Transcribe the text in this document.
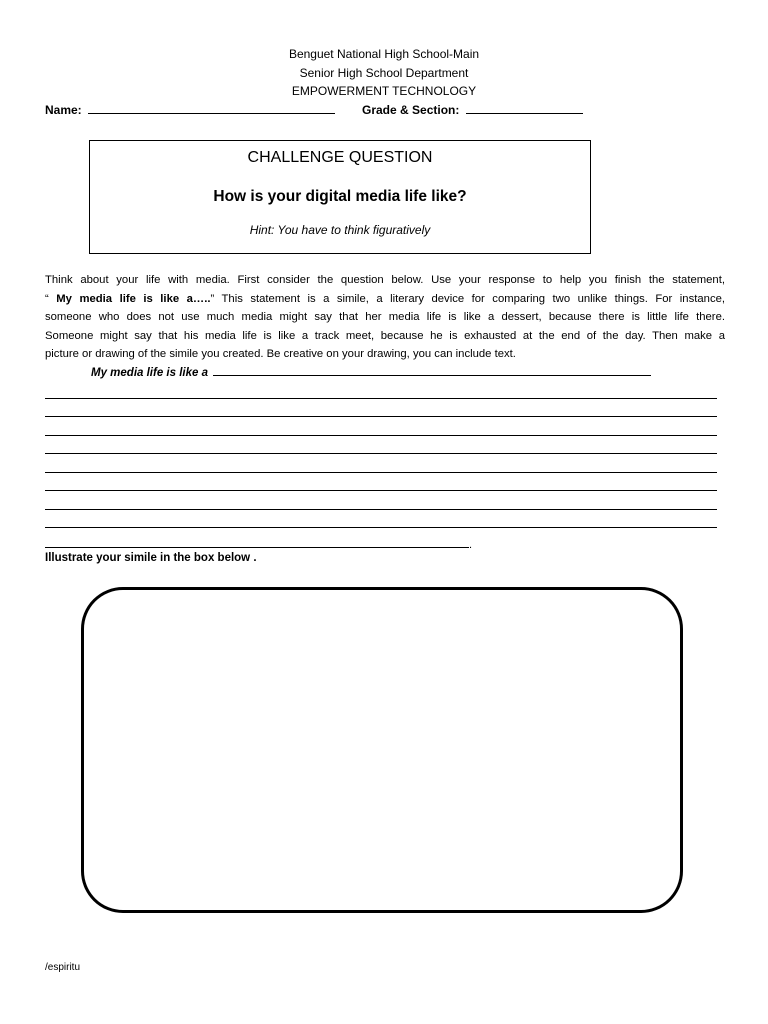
Benguet National High School-Main
Senior High School Department
EMPOWERMENT TECHNOLOGY
Name:	Grade & Section:
CHALLENGE QUESTION
How is your digital media life like?
Hint: You have to think figuratively
Think about your life with media. First consider the question below. Use your response to help you finish the statement,
“ My media life is like a…..” This statement is a simile, a literary device for comparing two unlike things. For instance,
someone who does not use much media might say that her media life is like a dessert, because there is little life there.
Someone might say that his media life is like a track meet, because he is exhausted at the end of the day. Then make a
picture or drawing of the simile you created. Be creative on your drawing, you can include text.
My media life is like a
.
Illustrate your simile in the box below .
/espiritu
